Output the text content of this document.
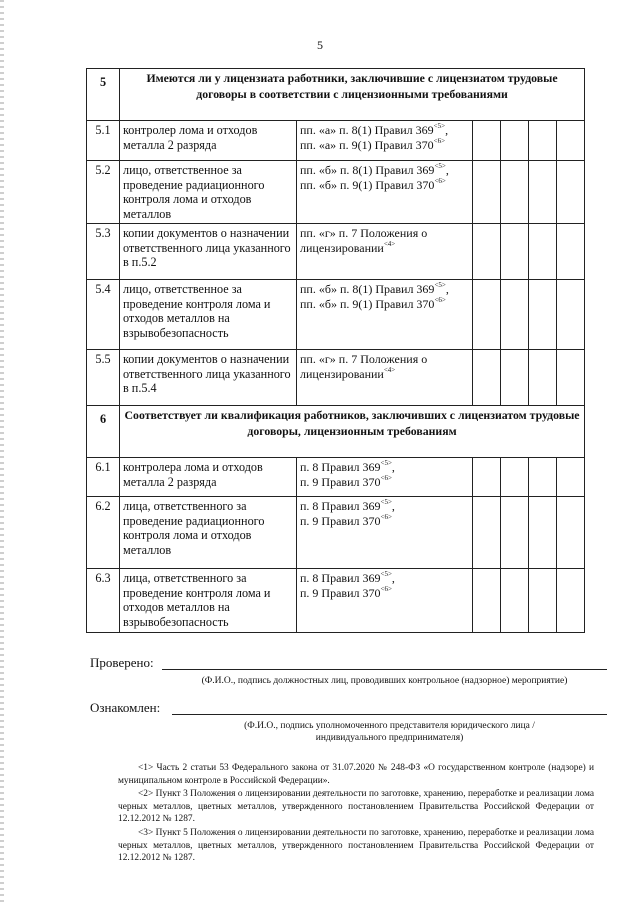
5
5	Имеются ли у лицензиата работники, заключившие с лицензиатом трудовые договоры в соответствии с лицензионными требованиями					
5.1	контролер лома и отходов металла 2 разряда	пп. «а» п. 8(1) Правил $369^{<5>}$,
пп. «а» п. 9(1) Правил $370^{<6>}$

5.2	лицо, ответственное за проведение радиационного контроля лома и отходов металлов	пп. «б» п. 8(1) Правил $369^{<5>}$,
пп. «б» п. 9(1) Правил $370^{<6>}$

5.3	копии документов о назначении ответственного лица указанного в п.5.2	пп. «г» п. 7 Положения о лицензировании$^{<4>}$

5.4	лицо, ответственное за проведение контроля лома и отходов металлов на взрывобезопасность	пп. «б» п. 8(1) Правил $369^{<5>}$,
пп. «б» п. 9(1) Правил $370^{<6>}$

5.5	копии документов о назначении ответственного лица указанного в п.5.4	пп. «г» п. 7 Положения о лицензировании$^{<4>}$

6	Соответствует ли квалификация работников, заключивших с лицензиатом трудовые договоры, лицензионным требованиям					
6.1	контролера лома и отходов металла 2 разряда	п. 8 Правил $369^{<5>}$,
п. 9 Правил $370^{<6>}$

6.2	лица, ответственного за проведение радиационного контроля лома и отходов металлов	п. 8 Правил $369^{<5>}$,
п. 9 Правил $370^{<6>}$

6.3	лица, ответственного за проведение контроля лома и отходов металлов на взрывобезопасность	п. 8 Правил $369^{<5>}$,
п. 9 Правил $370^{<6>}$

Проверено:
(Ф.И.О., подпись должностных лиц, проводивших контрольное (надзорное) мероприятие)
Ознакомлен:
(Ф.И.О., подпись уполномоченного представителя юридического лица /
индивидуального предпринимателя)

<1> Часть 2 статьи 53 Федерального закона от 31.07.2020 № 248-ФЗ «О государственном контроле (надзоре) и муниципальном контроле в Российской Федерации».

<2> Пункт 3 Положения о лицензировании деятельности по заготовке, хранению, переработке и реализации лома черных металлов, цветных металлов, утвержденного постановлением Правительства Российской Федерации от 12.12.2012 № 1287.

<3> Пункт 5 Положения о лицензировании деятельности по заготовке, хранению, переработке и реализации лома черных металлов, цветных металлов, утвержденного постановлением Правительства Российской Федерации от 12.12.2012 № 1287.
